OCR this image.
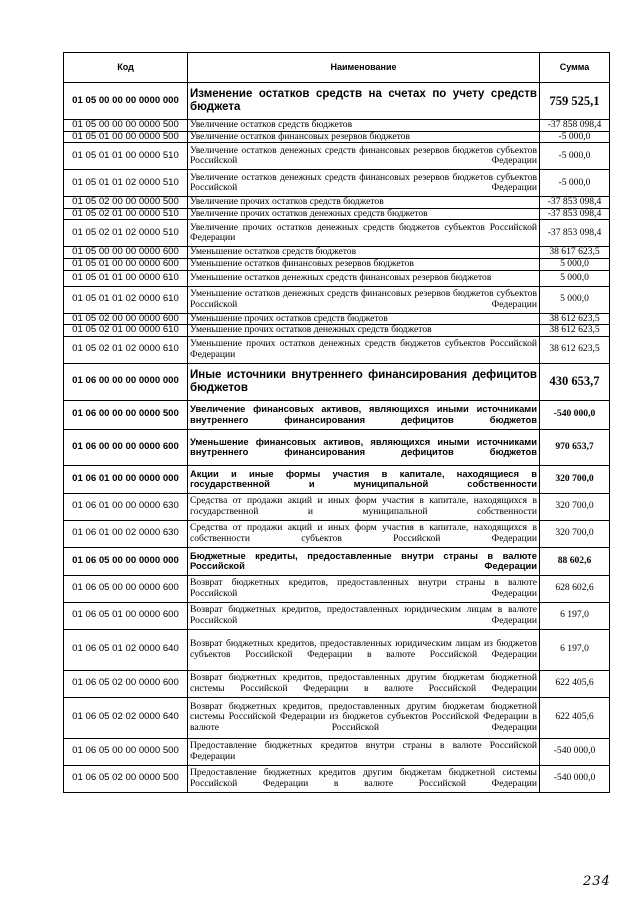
Код	Наименование	Сумма
01 05 00 00 00 0000 000	Изменение остатков средств на счетах по учету средств бюджета	759 525,1
01 05 00 00 00 0000 500	Увеличение остатков средств бюджетов	-37 858 098,4
01 05 01 00 00 0000 500	Увеличение остатков финансовых резервов бюджетов	-5 000,0
01 05 01 01 00 0000 510	Увеличение остатков денежных средств финансовых резервов бюджетов субъектов Российской Федерации	-5 000,0
01 05 01 01 02 0000 510	Увеличение остатков денежных средств финансовых резервов бюджетов субъектов Российской Федерации	-5 000,0
01 05 02 00 00 0000 500	Увеличение прочих остатков средств бюджетов	-37 853 098,4
01 05 02 01 00 0000 510	Увеличение прочих остатков денежных средств бюджетов	-37 853 098,4
01 05 02 01 02 0000 510	Увеличение прочих остатков денежных средств бюджетов субъектов Российской Федерации	-37 853 098,4
01 05 00 00 00 0000 600	Уменьшение остатков средств бюджетов	38 617 623,5
01 05 01 00 00 0000 600	Уменьшение остатков финансовых резервов бюджетов	5 000,0
01 05 01 01 00 0000 610	Уменьшение остатков денежных средств финансовых резервов бюджетов	5 000,0
01 05 01 01 02 0000 610	Уменьшение остатков денежных средств финансовых резервов бюджетов субъектов Российской Федерации	5 000,0
01 05 02 00 00 0000 600	Уменьшение прочих остатков средств бюджетов	38 612 623,5
01 05 02 01 00 0000 610	Уменьшение прочих остатков денежных средств бюджетов	38 612 623,5
01 05 02 01 02 0000 610	Уменьшение прочих остатков денежных средств бюджетов субъектов Российской Федерации	38 612 623,5
01 06 00 00 00 0000 000	Иные источники внутреннего финансирования дефицитов бюджетов	430 653,7
01 06 00 00 00 0000 500	Увеличение финансовых активов, являющихся иными источниками внутреннего финансирования дефицитов бюджетов	-540 000,0
01 06 00 00 00 0000 600	Уменьшение финансовых активов, являющихся иными источниками внутреннего финансирования дефицитов бюджетов	970 653,7
01 06 01 00 00 0000 000	Акции и иные формы участия в капитале, находящиеся в государственной и муниципальной собственности	320 700,0
01 06 01 00 00 0000 630	Средства от продажи акций и иных форм участия в капитале, находящихся в государственной и муниципальной собственности	320 700,0
01 06 01 00 02 0000 630	Средства от продажи акций и иных форм участия в капитале, находящихся в собственности субъектов Российской Федерации	320 700,0
01 06 05 00 00 0000 000	Бюджетные кредиты, предоставленные внутри страны в валюте Российской Федерации	88 602,6
01 06 05 00 00 0000 600	Возврат бюджетных кредитов, предоставленных внутри страны в валюте Российской Федерации	628 602,6
01 06 05 01 00 0000 600	Возврат бюджетных кредитов, предоставленных юридическим лицам в валюте Российской Федерации	6 197,0
01 06 05 01 02 0000 640	Возврат бюджетных кредитов, предоставленных юридическим лицам из бюджетов субъектов Российской Федерации в валюте Российской Федерации	6 197,0
01 06 05 02 00 0000 600	Возврат бюджетных кредитов, предоставленных другим бюджетам бюджетной системы Российской Федерации в валюте Российской Федерации	622 405,6
01 06 05 02 02 0000 640	Возврат бюджетных кредитов, предоставленных другим бюджетам бюджетной системы Российской Федерации из бюджетов субъектов Российской Федерации в валюте Российской Федерации	622 405,6
01 06 05 00 00 0000 500	Предоставление бюджетных кредитов внутри страны в валюте Российской Федерации	-540 000,0
01 06 05 02 00 0000 500	Предоставление бюджетных кредитов другим бюджетам бюджетной системы Российской Федерации в валюте Российской Федерации	-540 000,0
234
